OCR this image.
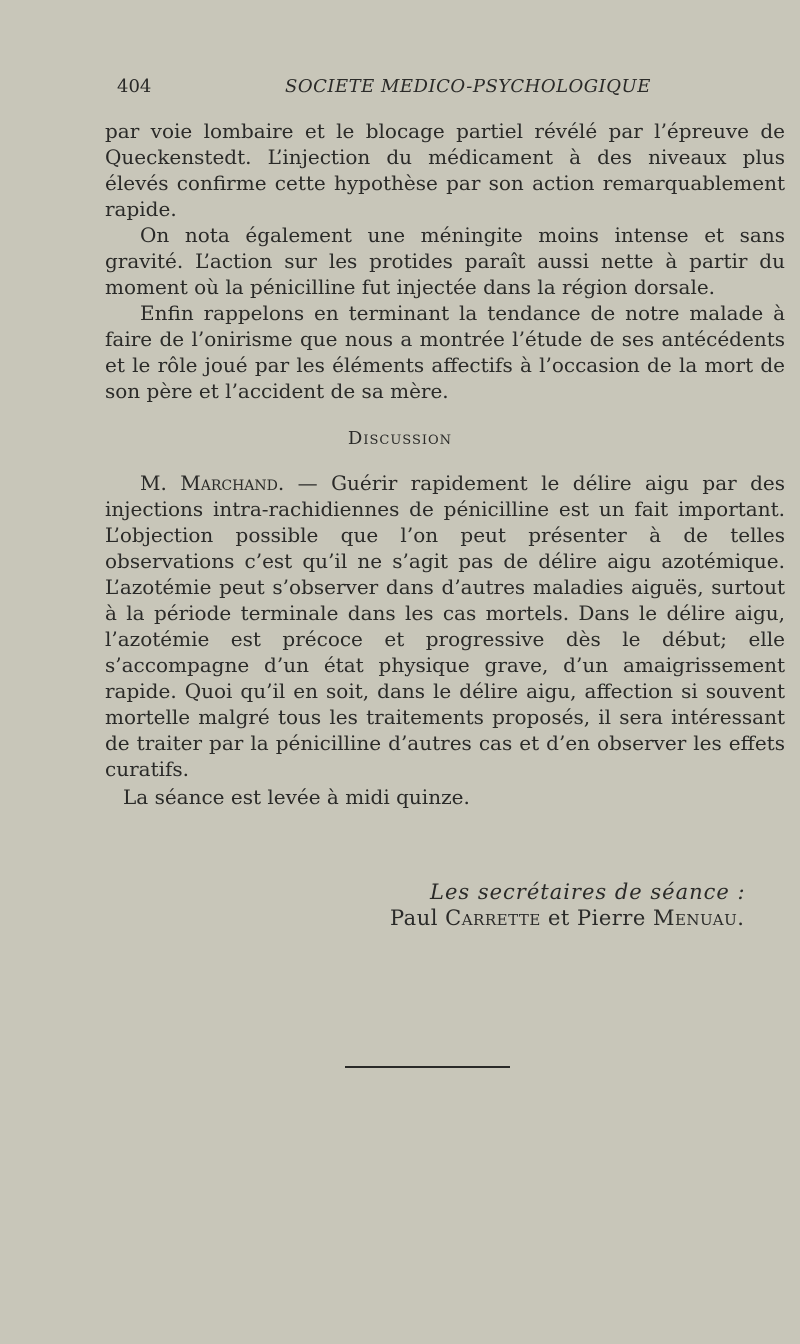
404	SOCIETE MEDICO-PSYCHOLOGIQUE

par voie lombaire et le blocage partiel révélé par l’épreuve de Queckenstedt. L’injection du médicament à des niveaux plus élevés confirme cette hypothèse par son action remarquablement rapide.

On nota également une méningite moins intense et sans gravité. L’action sur les protides paraît aussi nette à partir du moment où la pénicilline fut injectée dans la région dorsale.

Enfin rappelons en terminant la tendance de notre malade à faire de l’onirisme que nous a montrée l’étude de ses antécédents et le rôle joué par les éléments affectifs à l’occasion de la mort de son père et l’accident de sa mère.

Discussion

M. Marchand. — Guérir rapidement le délire aigu par des injections intra-rachidiennes de pénicilline est un fait important. L’objection possible que l’on peut présenter à de telles observations c’est qu’il ne s’agit pas de délire aigu azotémique. L’azotémie peut s’observer dans d’autres maladies aiguës, surtout à la période terminale dans les cas mortels. Dans le délire aigu, l’azotémie est précoce et progressive dès le début; elle s’accompagne d’un état physique grave, d’un amaigrissement rapide. Quoi qu’il en soit, dans le délire aigu, affection si souvent mortelle malgré tous les traitements proposés, il sera intéressant de traiter par la pénicilline d’autres cas et d’en observer les effets curatifs.

La séance est levée à midi quinze.
Les secrétaires de séance :
Paul Carrette et Pierre Menuau.
